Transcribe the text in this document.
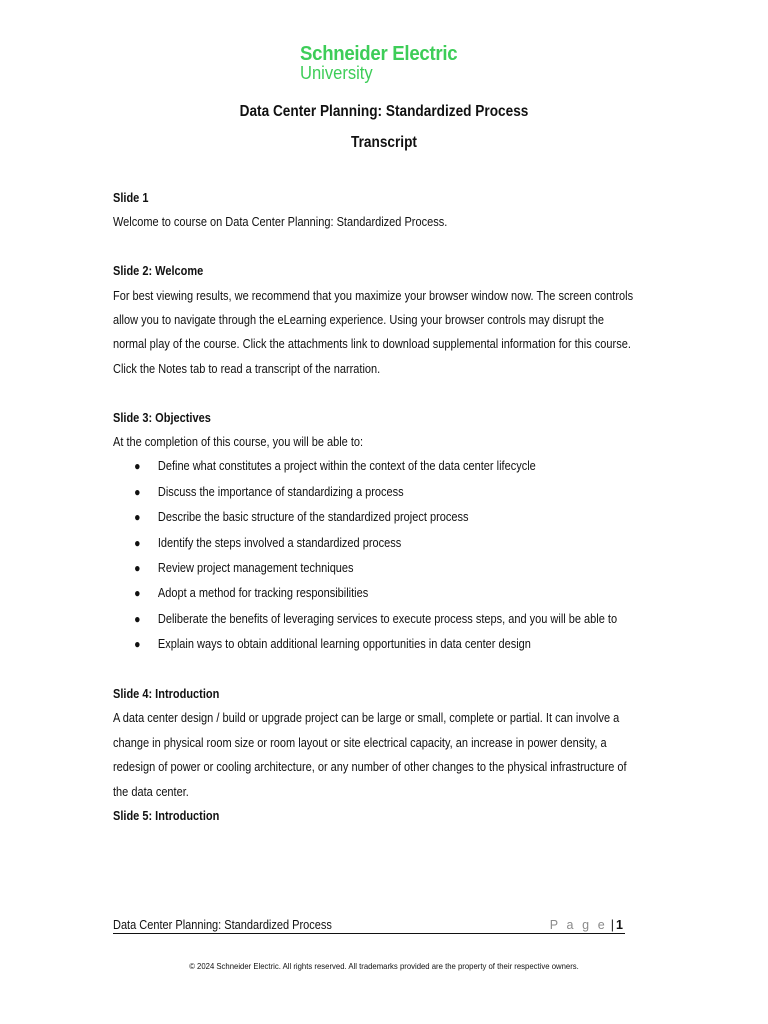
Schneider Electric
University
Data Center Planning: Standardized Process
Transcript
Slide 1
Welcome to course on Data Center Planning: Standardized Process.
Slide 2: Welcome
For best viewing results, we recommend that you maximize your browser window now. The screen controls
allow you to navigate through the eLearning experience. Using your browser controls may disrupt the
normal play of the course. Click the attachments link to download supplemental information for this course.
Click the Notes tab to read a transcript of the narration.
Slide 3: Objectives
At the completion of this course, you will be able to:
● Define what constitutes a project within the context of the data center lifecycle
● Discuss the importance of standardizing a process
● Describe the basic structure of the standardized project process
● Identify the steps involved a standardized process
● Review project management techniques
● Adopt a method for tracking responsibilities
● Deliberate the benefits of leveraging services to execute process steps, and you will be able to
● Explain ways to obtain additional learning opportunities in data center design
Slide 4: Introduction
A data center design / build or upgrade project can be large or small, complete or partial. It can involve a
change in physical room size or room layout or site electrical capacity, an increase in power density, a
redesign of power or cooling architecture, or any number of other changes to the physical infrastructure of
the data center.
Slide 5: Introduction
Data Center Planning: Standardized Process	P a g e | 1
© 2024 Schneider Electric. All rights reserved. All trademarks provided are the property of their respective owners.
